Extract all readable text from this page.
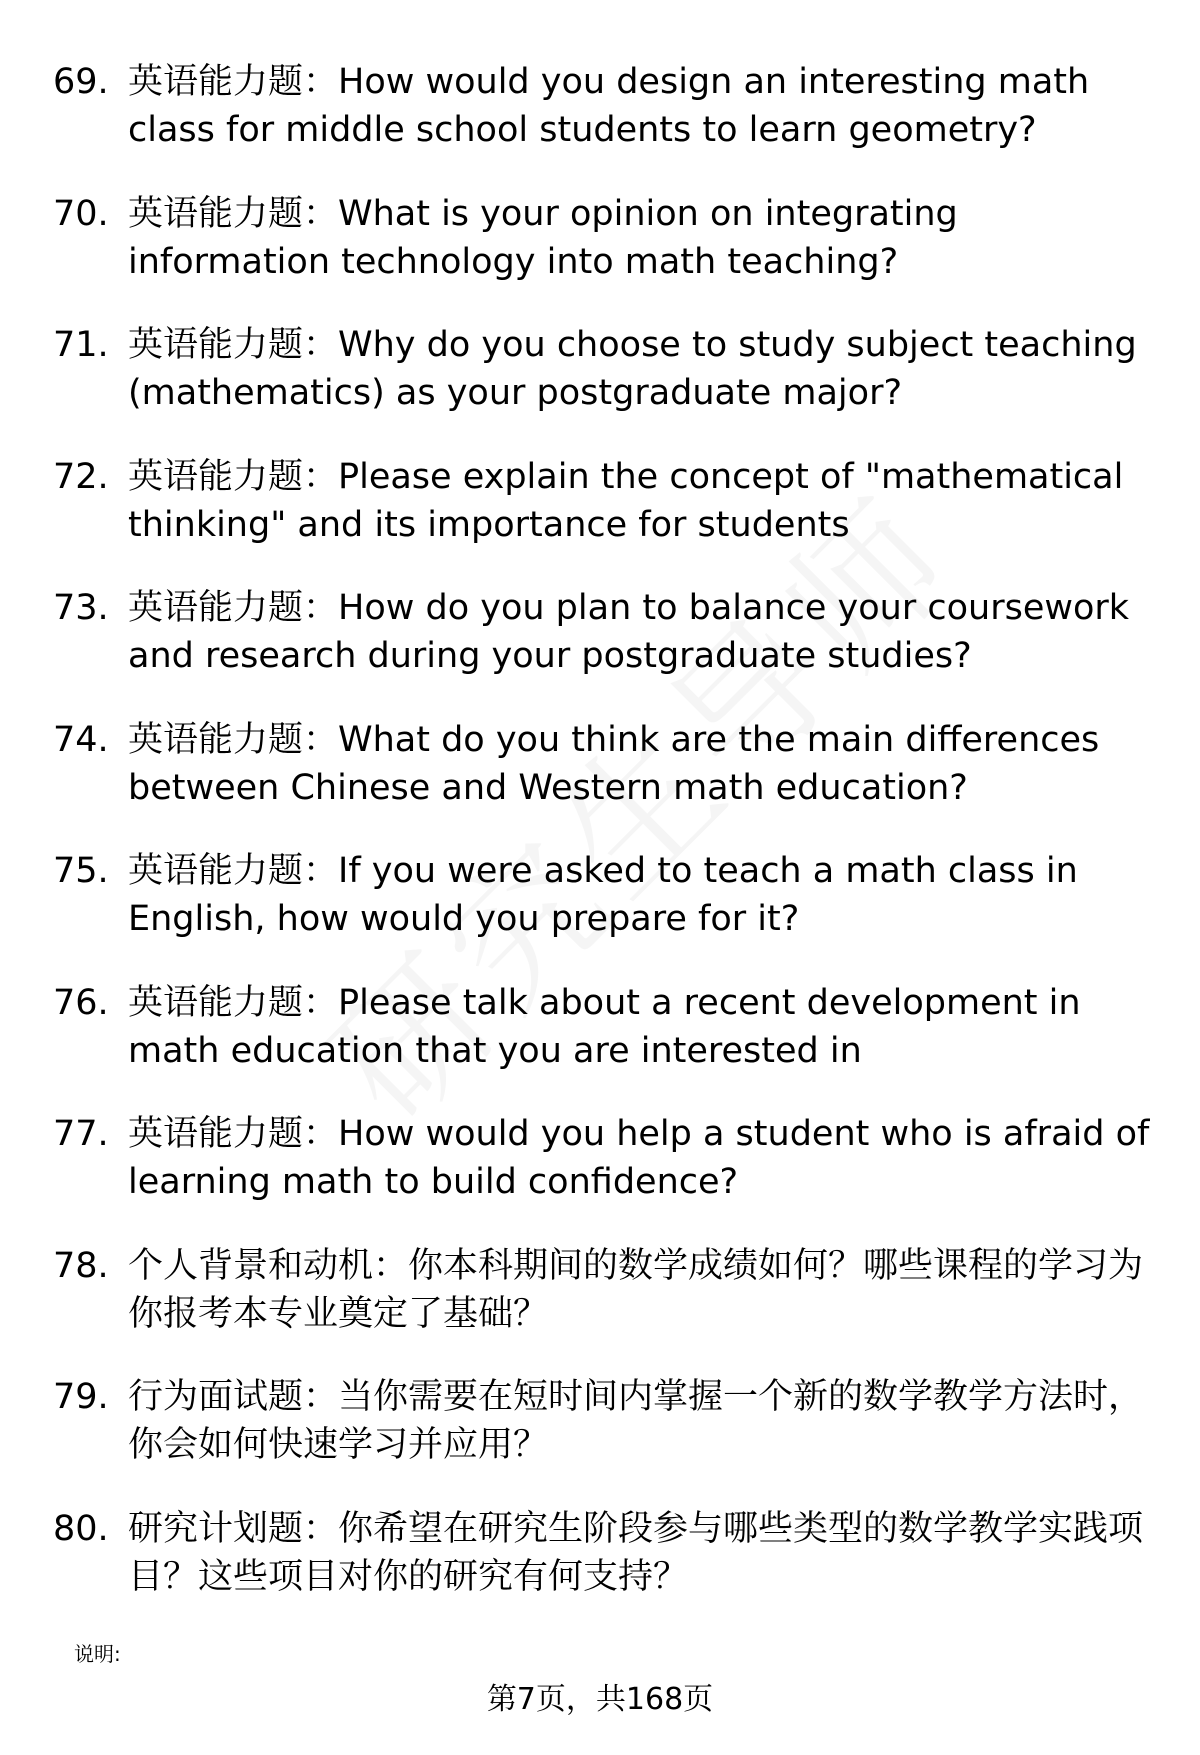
69. 英语能力题：How would you design an interesting math class for middle school students to learn geometry?
70. 英语能力题：What is your opinion on integrating information technology into math teaching?
71. 英语能力题：Why do you choose to study subject teaching (mathematics) as your postgraduate major?
72. 英语能力题：Please explain the concept of "mathematical thinking" and its importance for students
73. 英语能力题：How do you plan to balance your coursework and research during your postgraduate studies?
74. 英语能力题：What do you think are the main differences between Chinese and Western math education?
75. 英语能力题：If you were asked to teach a math class in English, how would you prepare for it?
76. 英语能力题：Please talk about a recent development in math education that you are interested in
77. 英语能力题：How would you help a student who is afraid of learning math to build confidence?
78. 个人背景和动机：你本科期间的数学成绩如何？哪些课程的学习为你报考本专业奠定了基础？
79. 行为面试题：当你需要在短时间内掌握一个新的数学教学方法时，你会如何快速学习并应用？
80. 研究计划题：你希望在研究生阶段参与哪些类型的数学教学实践项目？这些项目对你的研究有何支持？
说明:
第7页，共168页
